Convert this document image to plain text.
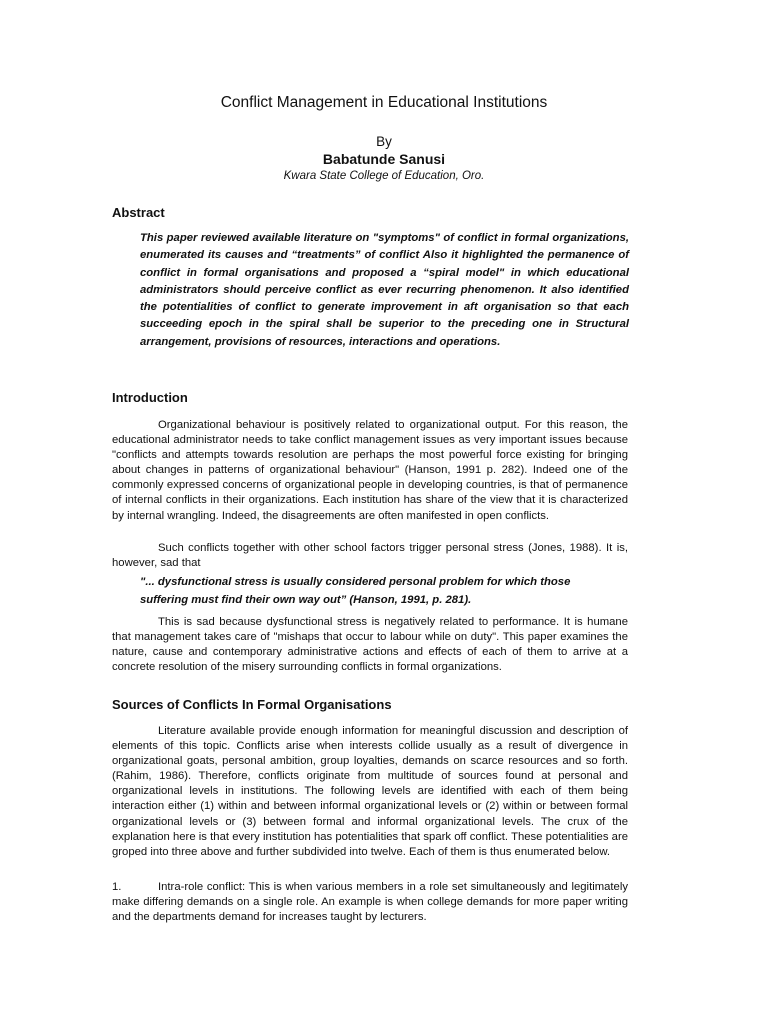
Conflict Management in Educational Institutions
By
Babatunde Sanusi
Kwara State College of Education, Oro.
Abstract

This paper reviewed available literature on "symptoms" of conflict in formal organizations, enumerated its causes and “treatments” of conflict Also it highlighted the permanence of conflict in formal organisations and proposed a “spiral model" in which educational administrators should perceive conflict as ever recurring phenomenon. It also identified the potentialities of conflict to generate improvement in aft organisation so that each succeeding epoch in the spiral shall be superior to the preceding one in Structural arrangement, provisions of resources, interactions and operations.

Introduction

Organizational behaviour is positively related to organizational output. For this reason, the educational administrator needs to take conflict management issues as very important issues because "conflicts and attempts towards resolution are perhaps the most powerful force existing for bringing about changes in patterns of organizational behaviour" (Hanson, 1991 p. 282). Indeed one of the commonly expressed concerns of organizational people in developing countries, is that of permanence of internal conflicts in their organizations. Each institution has share of the view that it is characterized by internal wrangling. Indeed, the disagreements are often manifested in open conflicts.

Such conflicts together with other school factors trigger personal stress (Jones, 1988). It is, however, sad that

"... dysfunctional stress is usually considered personal problem for which those suffering must find their own way out” (Hanson, 1991, p. 281).

This is sad because dysfunctional stress is negatively related to performance. It is humane that management takes care of "mishaps that occur to labour while on duty". This paper examines the nature, cause and contemporary administrative actions and effects of each of them to arrive at a concrete resolution of the misery surrounding conflicts in formal organizations.

Sources of Conflicts In Formal Organisations

Literature available provide enough information for meaningful discussion and description of elements of this topic. Conflicts arise when interests collide usually as a result of divergence in organizational goats, personal ambition, group loyalties, demands on scarce resources and so forth. (Rahim, 1986). Therefore, conflicts originate from multitude of sources found at personal and organizational levels in institutions. The following levels are identified with each of them being interaction either (1) within and between informal organizational levels or (2) within or between formal organizational levels or (3) between formal and informal organizational levels. The crux of the explanation here is that every institution has potentialities that spark off conflict. These potentialities are groped into three above and further subdivided into twelve. Each of them is thus enumerated below.

1.	Intra-role conflict: This is when various members in a role set simultaneously and legitimately make differing demands on a single role. An example is when college demands for more paper writing and the departments demand for increases taught by lecturers.
